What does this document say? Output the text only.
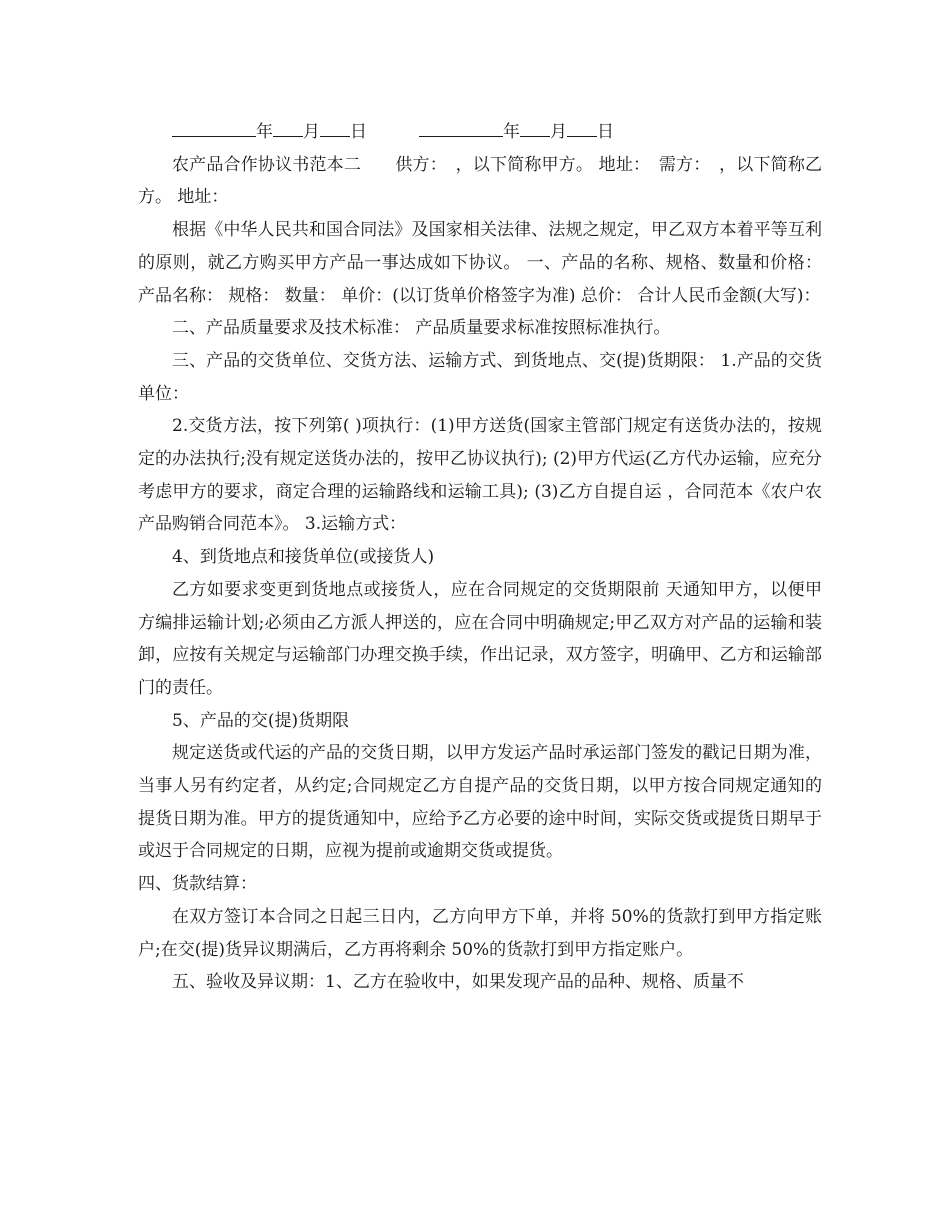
年 月 日	年 月 日

农产品合作协议书范本二　　供方：　，以下简称甲方。 地址：　需方：　，以下简称乙方。 地址：

根据《中华人民共和国合同法》及国家相关法律、法规之规定，甲乙双方本着平等互利的原则，就乙方购买甲方产品一事达成如下协议。 一、产品的名称、规格、数量和价格： 产品名称： 规格： 数量： 单价：(以订货单价格签字为准) 总价： 合计人民币金额(大写)：

二、产品质量要求及技术标准： 产品质量要求标准按照标准执行。

三、产品的交货单位、交货方法、运输方式、到货地点、交(提)货期限： 1.产品的交货单位：

2.交货方法，按下列第( )项执行：(1)甲方送货(国家主管部门规定有送货办法的，按规定的办法执行;没有规定送货办法的，按甲乙协议执行); (2)甲方代运(乙方代办运输，应充分考虑甲方的要求，商定合理的运输路线和运输工具); (3)乙方自提自运 ，合同范本《农户农产品购销合同范本》。 3.运输方式：

4、到货地点和接货单位(或接货人)

乙方如要求变更到货地点或接货人，应在合同规定的交货期限前 天通知甲方，以便甲方编排运输计划;必须由乙方派人押送的，应在合同中明确规定;甲乙双方对产品的运输和装卸，应按有关规定与运输部门办理交换手续，作出记录，双方签字，明确甲、乙方和运输部门的责任。

5、产品的交(提)货期限

规定送货或代运的产品的交货日期，以甲方发运产品时承运部门签发的戳记日期为准，当事人另有约定者，从约定;合同规定乙方自提产品的交货日期，以甲方按合同规定通知的提货日期为准。甲方的提货通知中，应给予乙方必要的途中时间，实际交货或提货日期早于或迟于合同规定的日期，应视为提前或逾期交货或提货。

四、货款结算：

在双方签订本合同之日起三日内，乙方向甲方下单，并将 50%的货款打到甲方指定账户;在交(提)货异议期满后，乙方再将剩余 50%的货款打到甲方指定账户。

五、验收及异议期：1、乙方在验收中，如果发现产品的品种、规格、质量不
